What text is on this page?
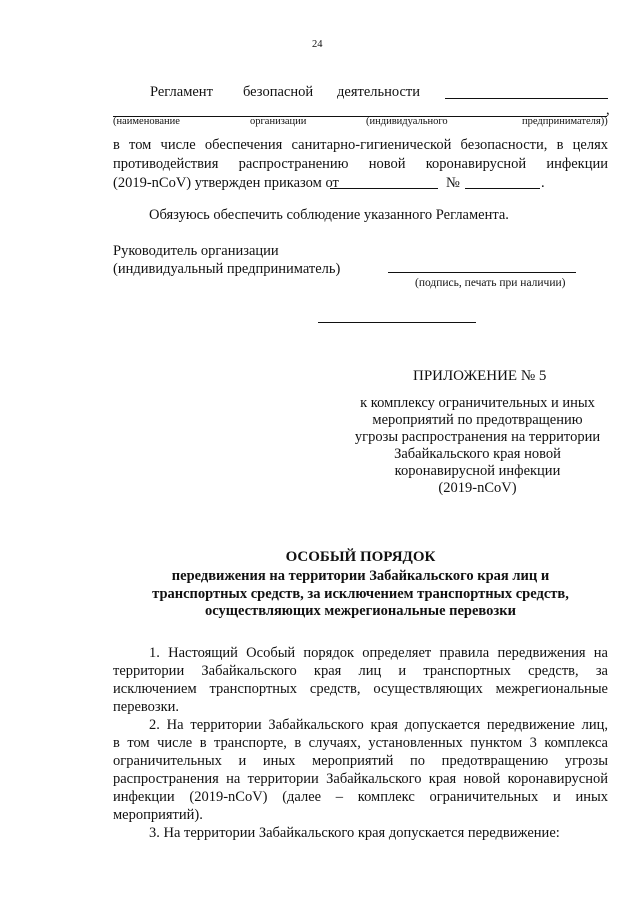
24
Регламент безопасной деятельности
,
(наименование	организации	(индивидуального	предпринимателя))
в том числе обеспечения санитарно-гигиенической безопасности, в целях
противодействия распространению новой коронавирусной инфекции
(2019-nCoV) утвержден приказом от	№	.
Обязуюсь обеспечить соблюдение указанного Регламента.
Руководитель организации
(индивидуальный предприниматель)
(подпись, печать при наличии)
ПРИЛОЖЕНИЕ № 5
к комплексу ограничительных и иных
мероприятий по предотвращению
угрозы распространения на территории
Забайкальского края новой
коронавирусной инфекции
(2019-nCoV)
ОСОБЫЙ ПОРЯДОК
передвижения на территории Забайкальского края лиц и
транспортных средств, за исключением транспортных средств,
осуществляющих межрегиональные перевозки
1. Настоящий Особый порядок определяет правила передвижения на
территории Забайкальского края лиц и транспортных средств, за
исключением транспортных средств, осуществляющих межрегиональные
перевозки.
2. На территории Забайкальского края допускается передвижение лиц,
в том числе в транспорте, в случаях, установленных пунктом 3 комплекса
ограничительных и иных мероприятий по предотвращению угрозы
распространения на территории Забайкальского края новой коронавирусной
инфекции (2019-nCoV) (далее – комплекс ограничительных и иных
мероприятий).
3. На территории Забайкальского края допускается передвижение:
